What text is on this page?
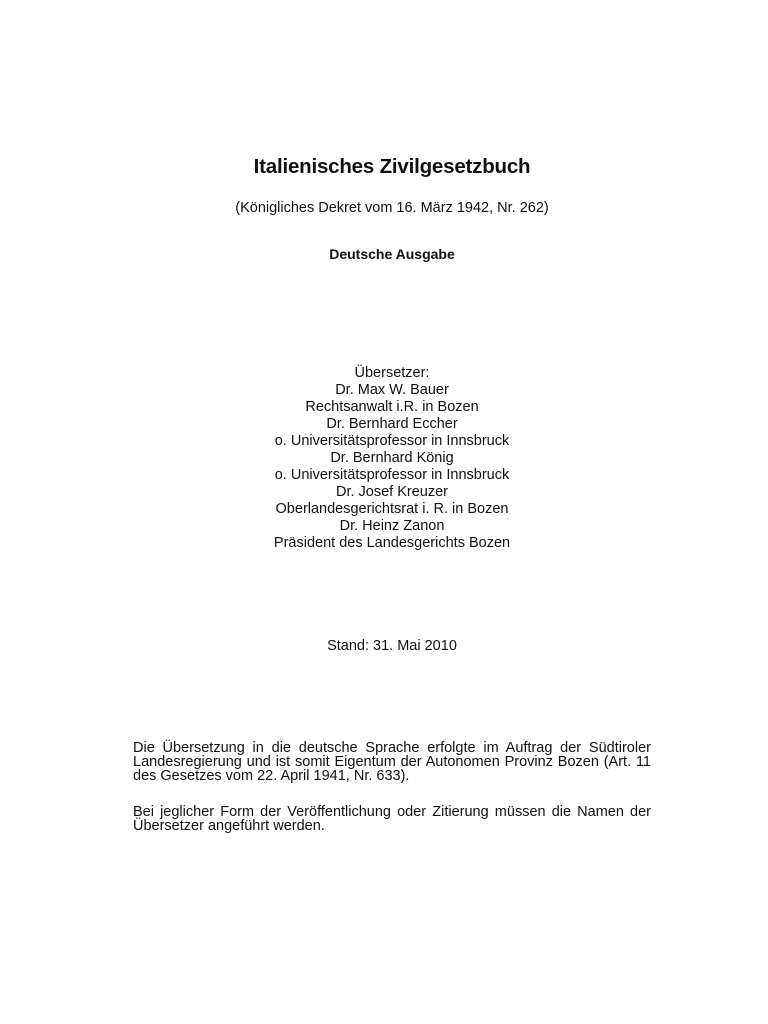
Italienisches Zivilgesetzbuch
(Königliches Dekret vom 16. März 1942, Nr. 262)
Deutsche Ausgabe
Übersetzer:
Dr. Max W. Bauer
Rechtsanwalt i.R. in Bozen
Dr. Bernhard Eccher
o. Universitätsprofessor in Innsbruck
Dr. Bernhard König
o. Universitätsprofessor in Innsbruck
Dr. Josef Kreuzer
Oberlandesgerichtsrat i. R. in Bozen
Dr. Heinz Zanon
Präsident des Landesgerichts Bozen
Stand: 31. Mai 2010
Die Übersetzung in die deutsche Sprache erfolgte im Auftrag der Südtiroler Landesregierung und ist somit Eigentum der Autonomen Provinz Bozen (Art. 11 des Gesetzes vom 22. April 1941, Nr. 633).
Bei jeglicher Form der Veröffentlichung oder Zitierung müssen die Namen der Übersetzer angeführt werden.
